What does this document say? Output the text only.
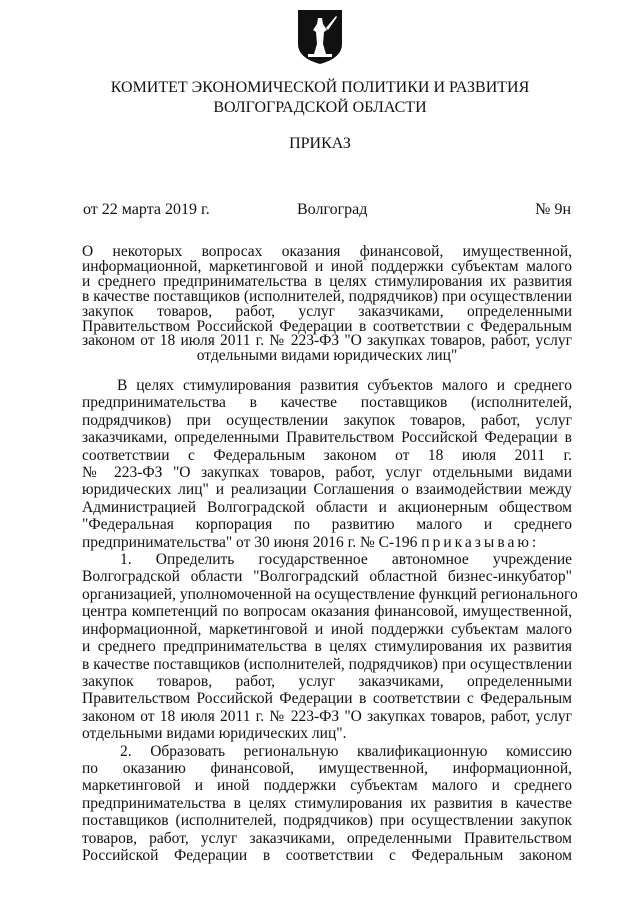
КОМИТЕТ ЭКОНОМИЧЕСКОЙ ПОЛИТИКИ И РАЗВИТИЯ
ВОЛГОГРАДСКОЙ ОБЛАСТИ
ПРИКАЗ
от 22 марта 2019 г.	Волгоград	№ 9н
О некоторых вопросах оказания финансовой, имущественной,
информационной, маркетинговой и иной поддержки субъектам малого
и среднего предпринимательства в целях стимулирования их развития
в качестве поставщиков (исполнителей, подрядчиков) при осуществлении
закупок товаров, работ, услуг заказчиками, определенными
Правительством Российской Федерации в соответствии с Федеральным
законом от 18 июля 2011 г. № 223-ФЗ "О закупках товаров, работ, услуг
отдельными видами юридических лиц"
В целях стимулирования развития субъектов малого и среднего
предпринимательства в качестве поставщиков (исполнителей,
подрядчиков) при осуществлении закупок товаров, работ, услуг
заказчиками, определенными Правительством Российской Федерации в
соответствии с Федеральным законом от 18 июля 2011 г.
№ 223-ФЗ "О закупках товаров, работ, услуг отдельными видами
юридических лиц" и реализации Соглашения о взаимодействии между
Администрацией Волгоградской области и акционерным обществом
"Федеральная корпорация по развитию малого и среднего
предпринимательства" от 30 июня 2016 г. № С-196 приказываю:
1. Определить государственное автономное учреждение
Волгоградской области "Волгоградский областной бизнес-инкубатор"
организацией, уполномоченной на осуществление функций регионального
центра компетенций по вопросам оказания финансовой, имущественной,
информационной, маркетинговой и иной поддержки субъектам малого
и среднего предпринимательства в целях стимулирования их развития
в качестве поставщиков (исполнителей, подрядчиков) при осуществлении
закупок товаров, работ, услуг заказчиками, определенными
Правительством Российской Федерации в соответствии с Федеральным
законом от 18 июля 2011 г. № 223-ФЗ "О закупках товаров, работ, услуг
отдельными видами юридических лиц".
2. Образовать региональную квалификационную комиссию
по оказанию финансовой, имущественной, информационной,
маркетинговой и иной поддержки субъектам малого и среднего
предпринимательства в целях стимулирования их развития в качестве
поставщиков (исполнителей, подрядчиков) при осуществлении закупок
товаров, работ, услуг заказчиками, определенными Правительством
Российской Федерации в соответствии с Федеральным законом
